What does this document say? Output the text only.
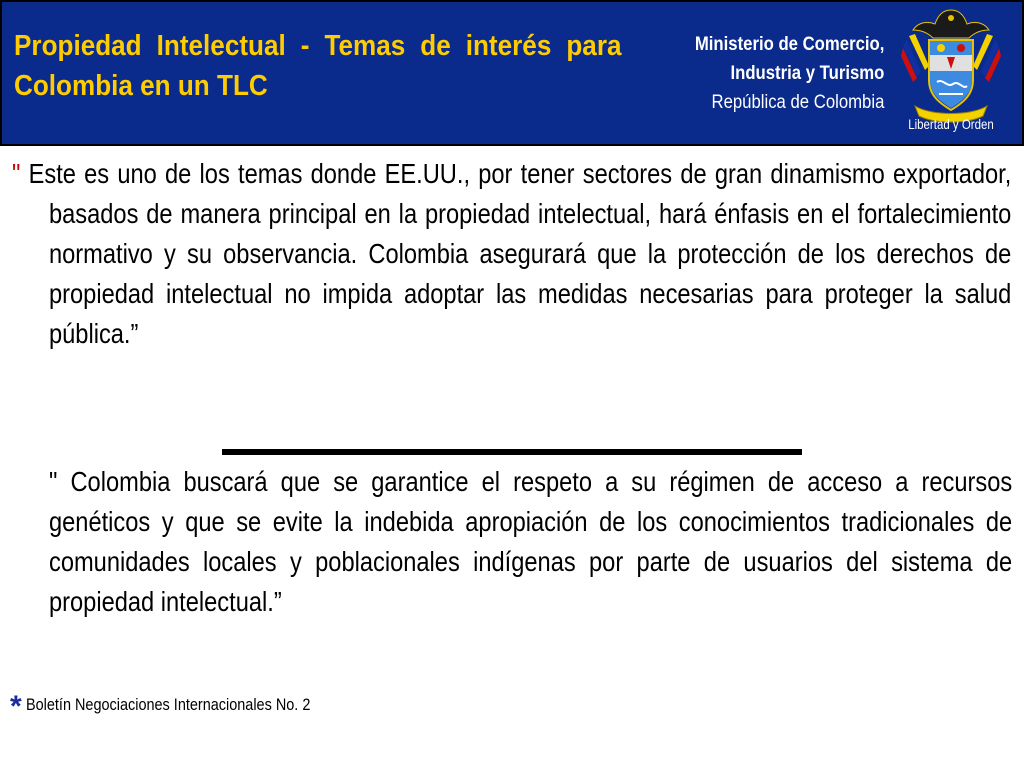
Propiedad Intelectual - Temas de interés para Colombia en un TLC
Ministerio de Comercio,
Industria y Turismo
República de Colombia
Libertad y Orden
" Este es uno de los temas donde EE.UU., por tener sectores de gran dinamismo exportador, basados de manera principal en la propiedad intelectual, hará énfasis en el fortalecimiento normativo y su observancia. Colombia asegurará que la protección de los derechos de propiedad intelectual no impida adoptar las medidas necesarias para proteger la salud pública.”
" Colombia buscará que se garantice el respeto a su régimen de acceso a recursos genéticos y que se evite la indebida apropiación de los conocimientos tradicionales de comunidades locales y poblacionales indígenas por parte de usuarios del sistema de propiedad intelectual.”
* Boletín Negociaciones Internacionales No. 2
